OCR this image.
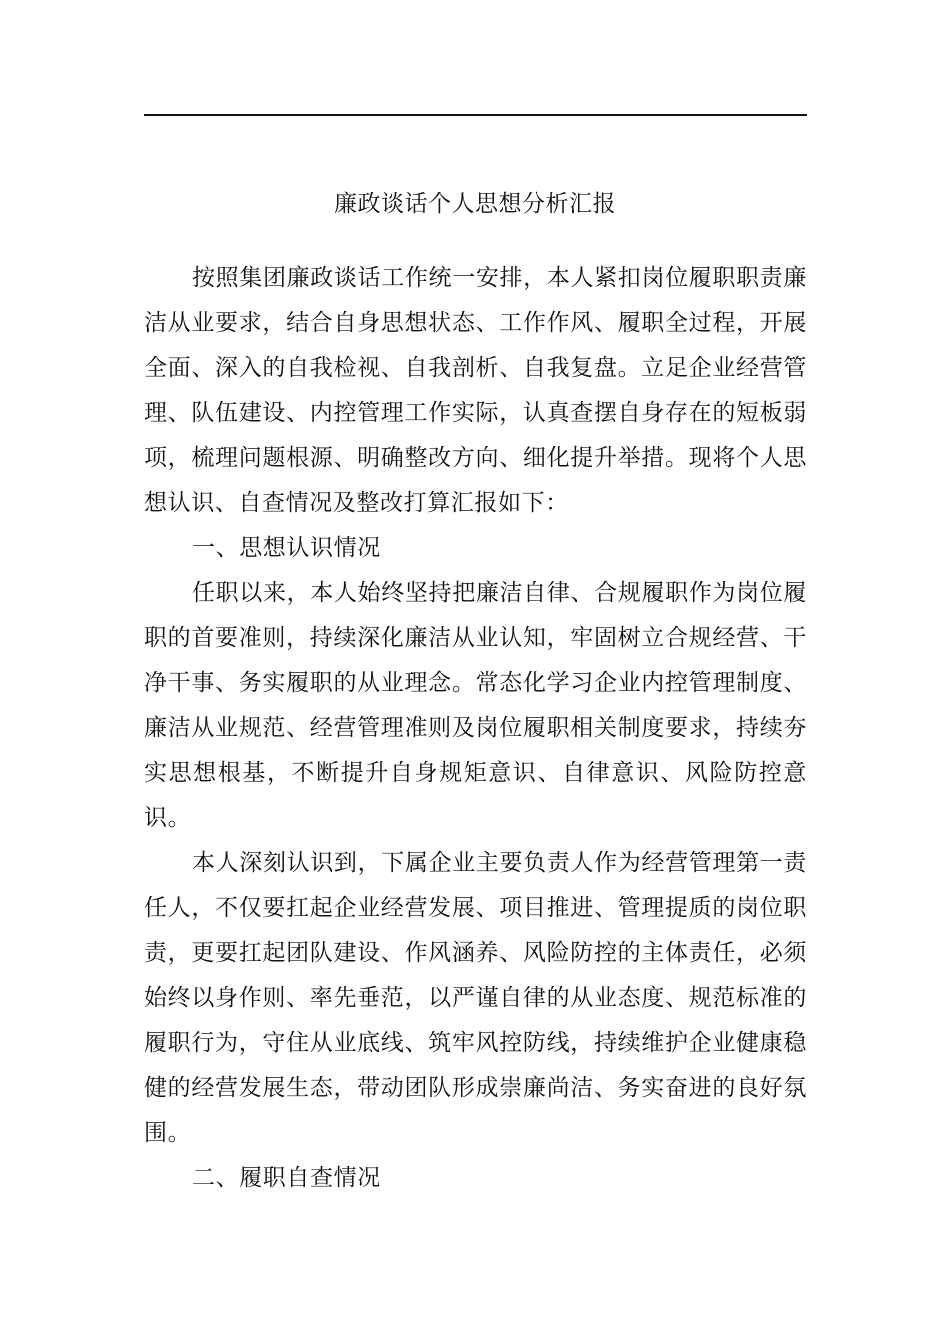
廉政谈话个人思想分析汇报

按照集团廉政谈话工作统一安排，本人紧扣岗位履职职责廉洁从业要求，结合自身思想状态、工作作风、履职全过程，开展全面、深入的自我检视、自我剖析、自我复盘。立足企业经营管理、队伍建设、内控管理工作实际，认真查摆自身存在的短板弱项，梳理问题根源、明确整改方向、细化提升举措。现将个人思想认识、自查情况及整改打算汇报如下：

一、思想认识情况

任职以来，本人始终坚持把廉洁自律、合规履职作为岗位履职的首要准则，持续深化廉洁从业认知，牢固树立合规经营、干净干事、务实履职的从业理念。常态化学习企业内控管理制度、廉洁从业规范、经营管理准则及岗位履职相关制度要求，持续夯实思想根基，不断提升自身规矩意识、自律意识、风险防控意识。

本人深刻认识到，下属企业主要负责人作为经营管理第一责任人，不仅要扛起企业经营发展、项目推进、管理提质的岗位职责，更要扛起团队建设、作风涵养、风险防控的主体责任，必须始终以身作则、率先垂范，以严谨自律的从业态度、规范标准的履职行为，守住从业底线、筑牢风控防线，持续维护企业健康稳健的经营发展生态，带动团队形成崇廉尚洁、务实奋进的良好氛围。

二、履职自查情况
